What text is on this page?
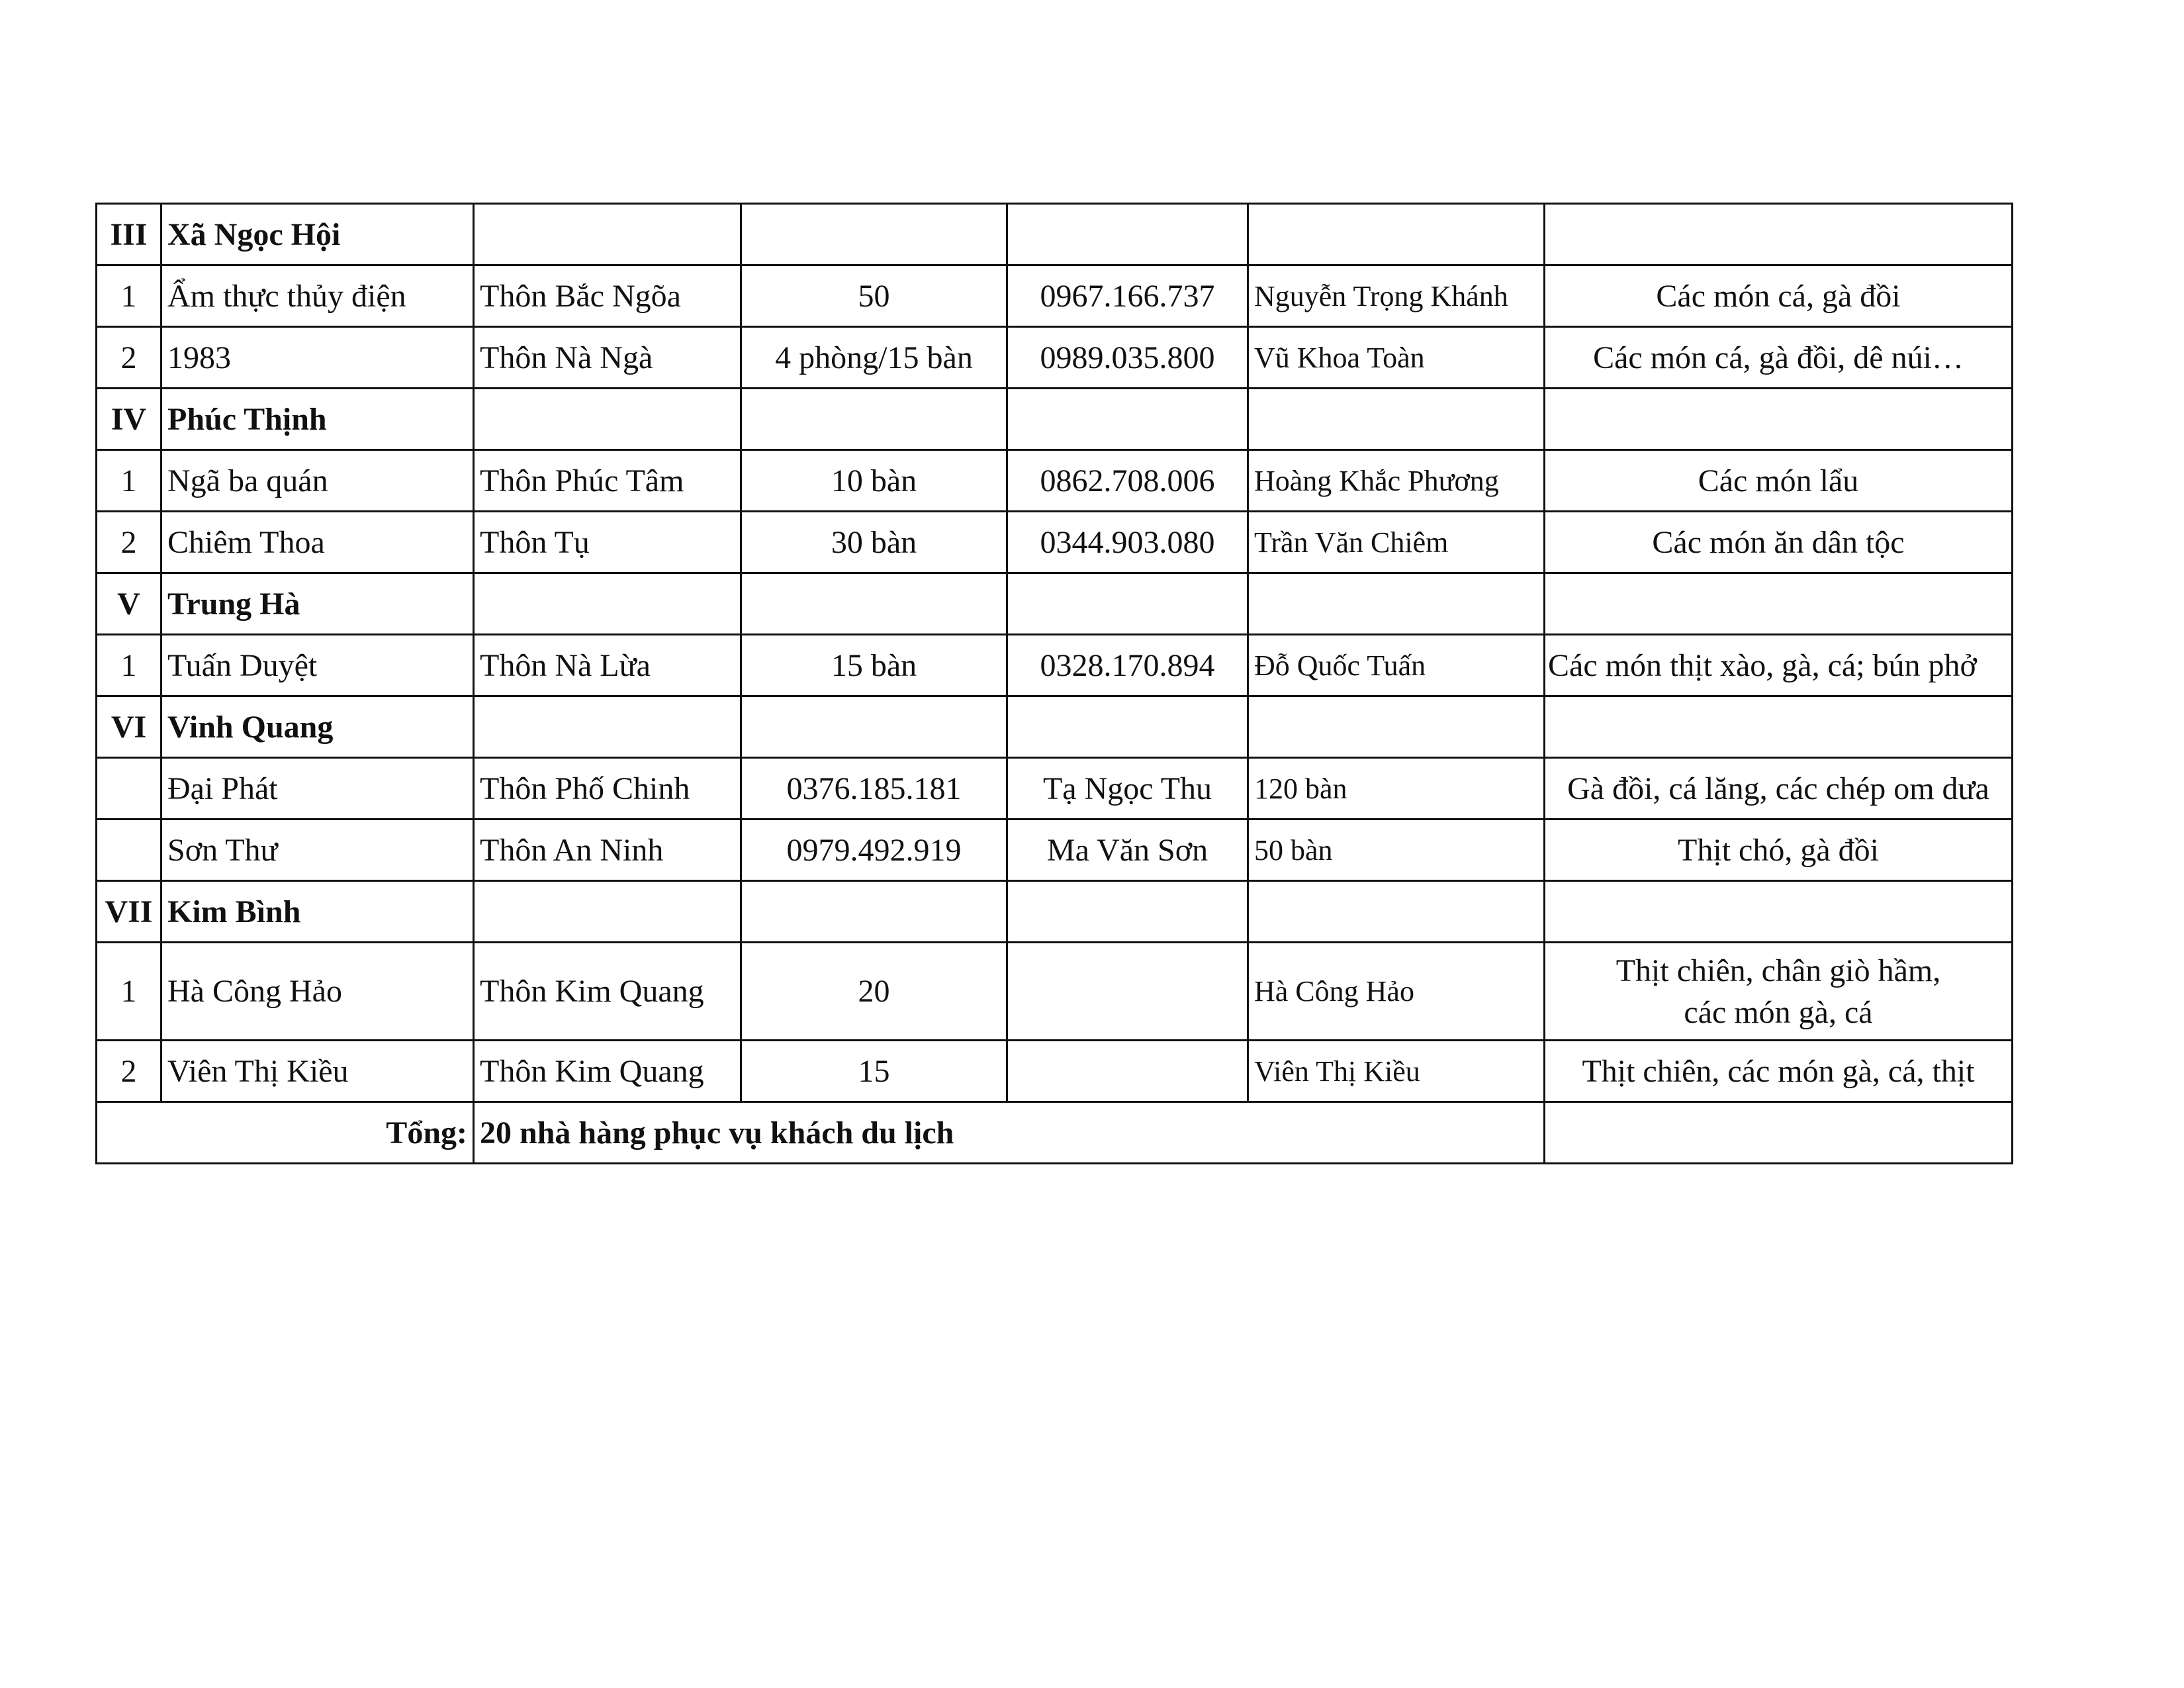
III	Xã Ngọc Hội					
1	Ẩm thực thủy điện	Thôn Bắc Ngõa	50	0967.166.737	Nguyễn Trọng Khánh	Các món cá, gà đồi
2	1983	Thôn Nà Ngà	4 phòng/15 bàn	0989.035.800	Vũ Khoa Toàn	Các món cá, gà đồi, dê núi…
IV	Phúc Thịnh					
1	Ngã ba quán	Thôn Phúc Tâm	10 bàn	0862.708.006	Hoàng Khắc Phương	Các món lẩu
2	Chiêm Thoa	Thôn Tụ	30 bàn	0344.903.080	Trần Văn Chiêm	Các món ăn dân tộc
V	Trung Hà					
1	Tuấn Duyệt	Thôn Nà Lừa	15 bàn	0328.170.894	Đỗ Quốc Tuấn	Các món thịt xào, gà, cá; bún phở
VI	Vinh Quang					
	Đại Phát	Thôn Phố Chinh	0376.185.181	Tạ Ngọc Thu	120 bàn	Gà đồi, cá lăng, các chép om dưa
	Sơn Thư	Thôn An Ninh	0979.492.919	Ma Văn Sơn	50 bàn	Thịt chó, gà đồi
VII	Kim Bình					
1	Hà Công Hảo	Thôn Kim Quang	20		Hà Công Hảo	Thịt chiên, chân giò hầm,
các món gà, cá
2	Viên Thị Kiều	Thôn Kim Quang	15		Viên Thị Kiều	Thịt chiên, các món gà, cá, thịt
Tổng:		20 nhà hàng phục vụ khách du lịch				
